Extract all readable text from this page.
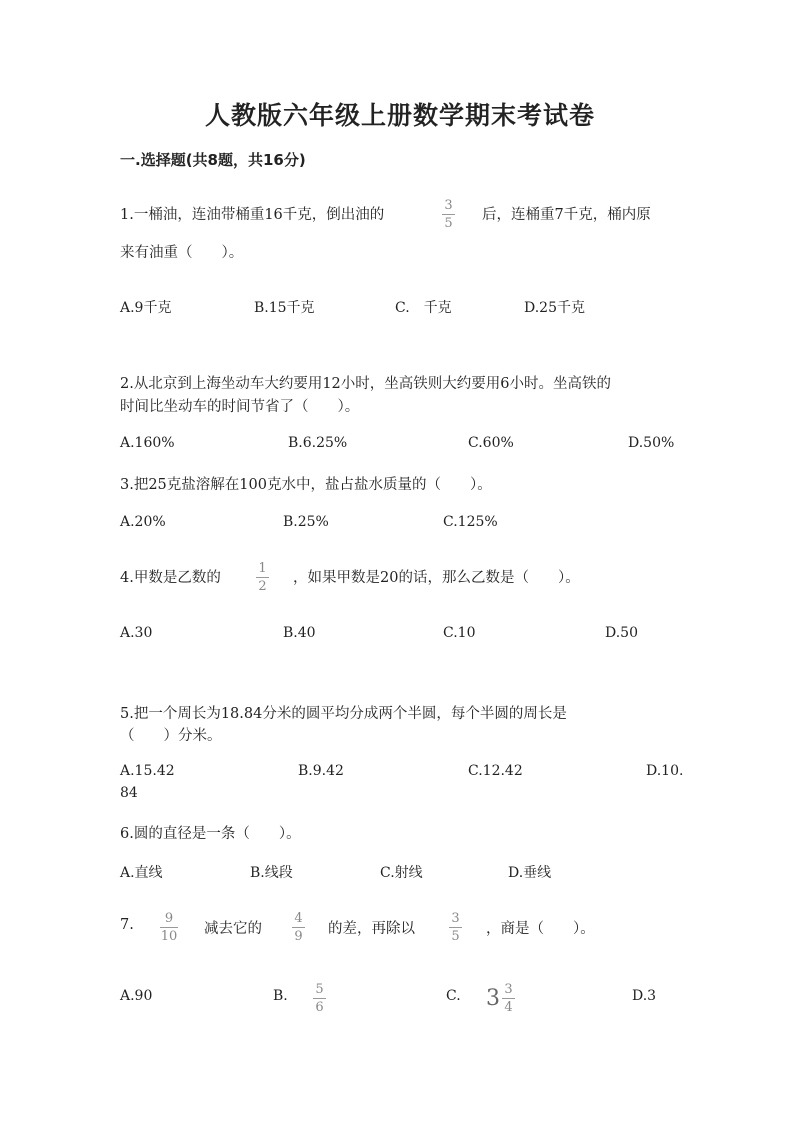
人教版六年级上册数学期末考试卷
一.选择题(共8题，共16分)
1.一桶油，连油带桶重16千克，倒出油的
3
5
后，连桶重7千克，桶内原
来有油重（　　）。
A.9千克	B.15千克	C.　千克	D.25千克
2.从北京到上海坐动车大约要用12小时，坐高铁则大约要用6小时。坐高铁的
时间比坐动车的时间节省了（　　）。
A.160%	B.6.25%	C.60%	D.50%
3.把25克盐溶解在100克水中，盐占盐水质量的（　　）。
A.20%	B.25%	C.125%
4.甲数是乙数的
1
2
，如果甲数是20的话，那么乙数是（　　）。
A.30	B.40	C.10	D.50
5.把一个周长为18.84分米的圆平均分成两个半圆，每个半圆的周长是
（　　）分米。
A.15.42	B.9.42	C.12.42	D.10.
84
6.圆的直径是一条（　　）。
A.直线	B.线段	C.射线	D.垂线
7. 9
10 减去它的
4
9 的差，再除以
3
5 ，商是（　　）。
A.90	B. 5
6
C. $3 \frac{3}{4}$	D.3
